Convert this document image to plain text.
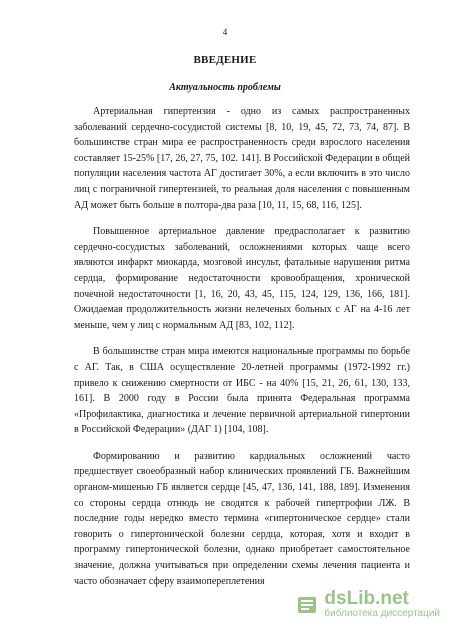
4
ВВЕДЕНИЕ
Актуальность проблемы

Артериальная гипертензия - одно из самых распространенных заболеваний сердечно-сосудистой системы [8, 10, 19, 45, 72, 73, 74, 87]. В большинстве стран мира ее распространенность среди взрослого населения составляет 15-25% [17, 26, 27, 75, 102. 141]. В Российской Федерации в общей популяции населения частота АГ достигает 30%, а если включить в это число лиц с пограничной гипертензией, то реальная доля населения с повышенным АД может быть больше в полтора-два раза [10, 11, 15, 68, 116, 125].

Повышенное артериальное давление предрасполагает к развитию сердечно-сосудистых заболеваний, осложнениями которых чаще всего являются инфаркт миокарда, мозговой инсульт, фатальные нарушения ритма сердца, формирование недостаточности кровообращения, хронической почечной недостаточности [1, 16, 20, 43, 45, 115, 124, 129, 136, 166, 181]. Ожидаемая продолжительность жизни нелеченых больных с АГ на 4-16 лет меньше, чем у лиц с нормальным АД [83, 102, 112].

В большинстве стран мира имеются национальные программы по борьбе с АГ. Так, в США осуществление 20-летней программы (1972-1992 гг.) привело к снижению смертности от ИБС - на 40% [15, 21, 26, 61, 130, 133, 161]. В 2000 году в России была принята Федеральная программа «Профилактика, диагностика и лечение первичной артериальной гипертонии в Российской Федерации» (ДАГ 1) [104, 108].

Формированию и развитию кардиальных осложнений часто предшествует своеобразный набор клинических проявлений ГБ. Важнейшим органом-мишенью ГБ является сердце [45, 47, 136, 141, 188, 189]. Изменения со стороны сердца отнюдь не сводятся к рабочей гипертрофии ЛЖ. В последние годы нередко вместо термина «гипертоническое сердце» стали говорить о гипертонической болезни сердца, которая, хотя и входит в программу гипертонической болезни, однако приобретает самостоятельное значение, должна учитываться при определении схемы лечения пациента и часто обозначает сферу взаимопереплетения

dsLib.net
библиотека диссертаций
